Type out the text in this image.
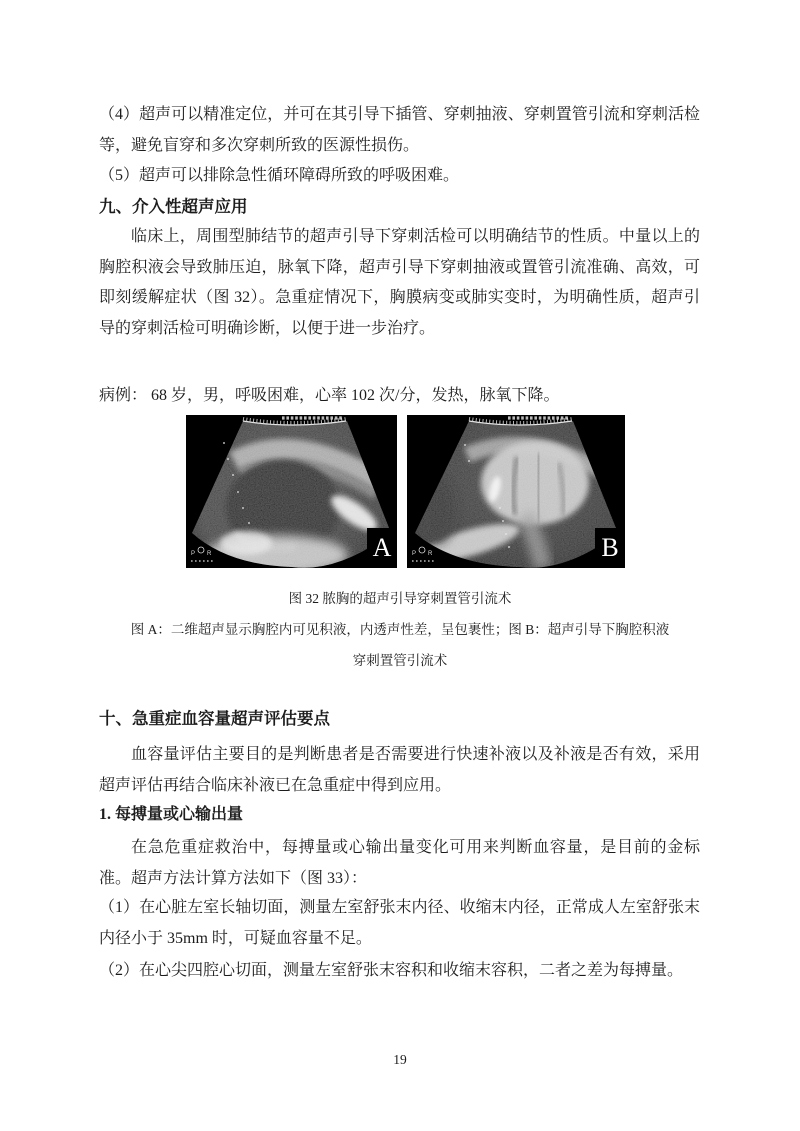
（4）超声可以精准定位，并可在其引导下插管、穿刺抽液、穿刺置管引流和穿刺活检等，避免盲穿和多次穿刺所致的医源性损伤。

（5）超声可以排除急性循环障碍所致的呼吸困难。

九、介入性超声应用

临床上，周围型肺结节的超声引导下穿刺活检可以明确结节的性质。中量以上的胸腔积液会导致肺压迫，脉氧下降，超声引导下穿刺抽液或置管引流准确、高效，可即刻缓解症状（图 32）。急重症情况下，胸膜病变或肺实变时，为明确性质，超声引导的穿刺活检可明确诊断，以便于进一步治疗。

病例： 68 岁，男，呼吸困难，心率 102 次/分，发热，脉氧下降。

P R	A	P R	B

图 32 脓胸的超声引导穿刺置管引流术

图 A：二维超声显示胸腔内可见积液，内透声性差，呈包裹性；图 B：超声引导下胸腔积液

穿刺置管引流术

十、急重症血容量超声评估要点

血容量评估主要目的是判断患者是否需要进行快速补液以及补液是否有效，采用超声评估再结合临床补液已在急重症中得到应用。

1. 每搏量或心输出量

在急危重症救治中，每搏量或心输出量变化可用来判断血容量，是目前的金标准。超声方法计算方法如下（图 33）：

（1）在心脏左室长轴切面，测量左室舒张末内径、收缩末内径，正常成人左室舒张末内径小于 35mm 时，可疑血容量不足。

（2）在心尖四腔心切面，测量左室舒张末容积和收缩末容积，二者之差为每搏量。

19
